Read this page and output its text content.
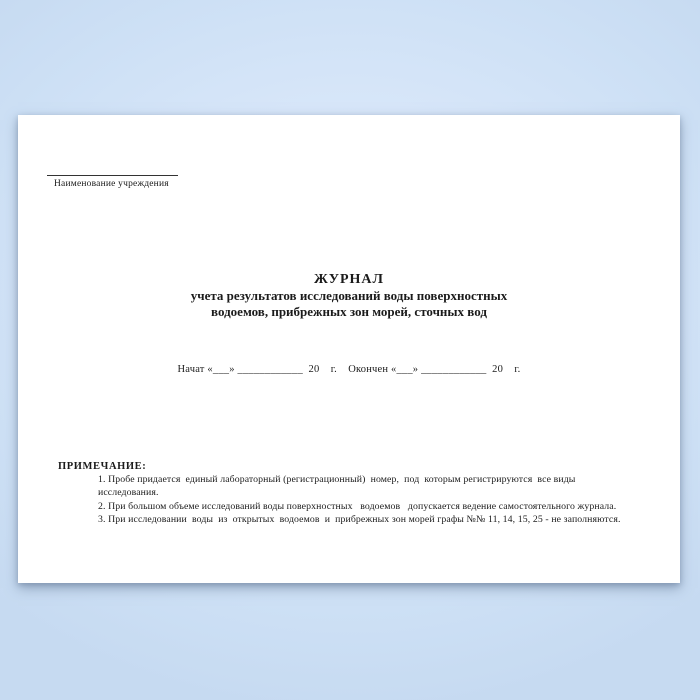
Наименование учреждения
ЖУРНАЛ
учета результатов исследований воды поверхностных
водоемов, прибрежных зон морей, сточных вод
Начат «___» ____________  20    г.    Окончен «___» ____________  20    г.
ПРИМЕЧАНИЕ:
1. Пробе придается  единый лабораторный (регистрационный)  номер,  под  которым регистрируются  все виды  исследования.
2. При большом объеме исследований воды поверхностных   водоемов   допускается ведение самостоятельного журнала.
3. При исследовании  воды  из  открытых  водоемов  и  прибрежных зон морей графы №№ 11, 14, 15, 25 - не заполняются.
